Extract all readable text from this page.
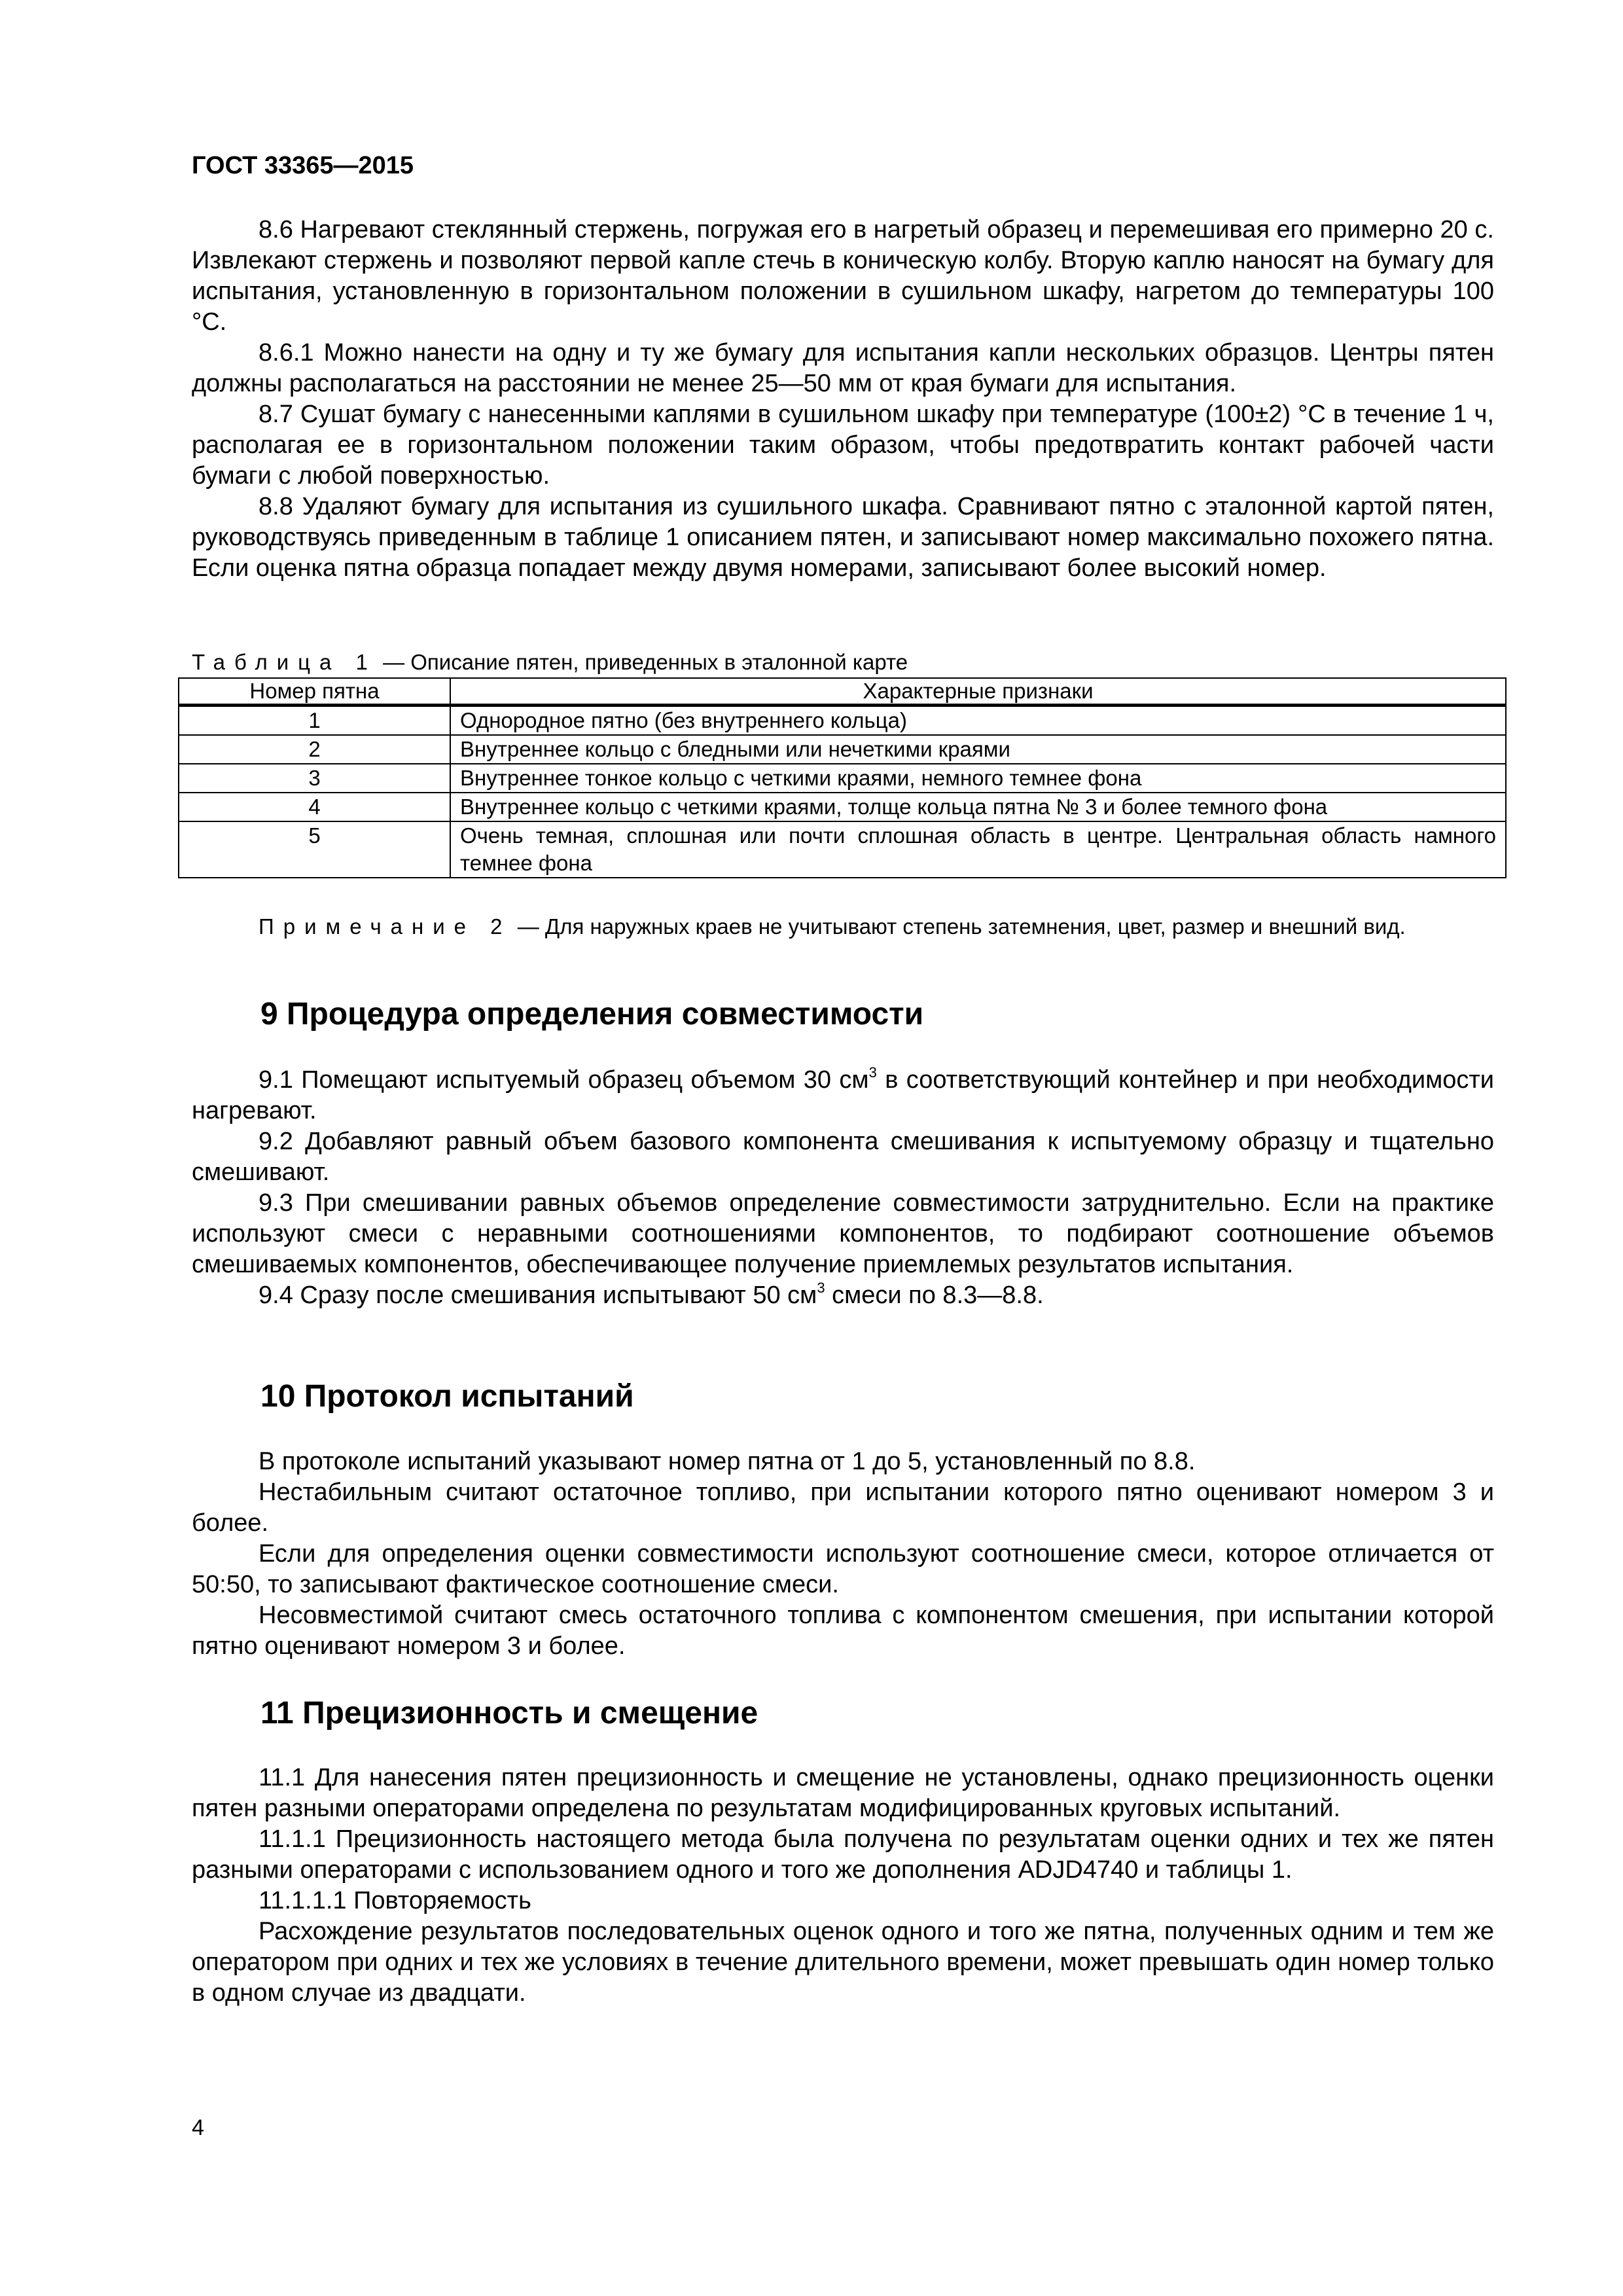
ГОСТ 33365—2015

8.6 Нагревают стеклянный стержень, погружая его в нагретый образец и перемешивая его примерно 20 с. Извлекают стержень и позволяют первой капле стечь в коническую колбу. Вторую каплю наносят на бумагу для испытания, установленную в горизонтальном положении в сушильном шкафу, нагретом до температуры 100 °С.

8.6.1 Можно нанести на одну и ту же бумагу для испытания капли нескольких образцов. Центры пятен должны располагаться на расстоянии не менее 25—50 мм от края бумаги для испытания.

8.7 Сушат бумагу с нанесенными каплями в сушильном шкафу при температуре (100±2) °С в течение 1 ч, располагая ее в горизонтальном положении таким образом, чтобы предотвратить контакт рабочей части бумаги с любой поверхностью.

8.8 Удаляют бумагу для испытания из сушильного шкафа. Сравнивают пятно с эталонной картой пятен, руководствуясь приведенным в таблице 1 описанием пятен, и записывают номер максимально похожего пятна. Если оценка пятна образца попадает между двумя номерами, записывают более высокий номер.

Таблица 1 — Описание пятен, приведенных в эталонной карте
Номер пятна	Характерные признаки
1	Однородное пятно (без внутреннего кольца)
2	Внутреннее кольцо с бледными или нечеткими краями
3	Внутреннее тонкое кольцо с четкими краями, немного темнее фона
4	Внутреннее кольцо с четкими краями, толще кольца пятна № 3 и более темного фона
5	Очень темная, сплошная или почти сплошная область в центре. Центральная область намного темнее фона
Примечание 2 — Для наружных краев не учитывают степень затемнения, цвет, размер и внешний вид.
9 Процедура определения совместимости

9.1 Помещают испытуемый образец объемом 30 $см^3$ в соответствующий контейнер и при необходимости нагревают.

9.2 Добавляют равный объем базового компонента смешивания к испытуемому образцу и тщательно смешивают.

9.3 При смешивании равных объемов определение совместимости затруднительно. Если на практике используют смеси с неравными соотношениями компонентов, то подбирают соотношение объемов смешиваемых компонентов, обеспечивающее получение приемлемых результатов испытания.

9.4 Сразу после смешивания испытывают 50 $см^3$ смеси по 8.3—8.8.

10 Протокол испытаний

В протоколе испытаний указывают номер пятна от 1 до 5, установленный по 8.8.

Нестабильным считают остаточное топливо, при испытании которого пятно оценивают номером 3 и более.

Если для определения оценки совместимости используют соотношение смеси, которое отличается от 50:50, то записывают фактическое соотношение смеси.

Несовместимой считают смесь остаточного топлива с компонентом смешения, при испытании которой пятно оценивают номером 3 и более.

11 Прецизионность и смещение

11.1 Для нанесения пятен прецизионность и смещение не установлены, однако прецизионность оценки пятен разными операторами определена по результатам модифицированных круговых испытаний.

11.1.1 Прецизионность настоящего метода была получена по результатам оценки одних и тех же пятен разными операторами с использованием одного и того же дополнения ADJD4740 и таблицы 1.

11.1.1.1 Повторяемость

Расхождение результатов последовательных оценок одного и того же пятна, полученных одним и тем же оператором при одних и тех же условиях в течение длительного времени, может превышать один номер только в одном случае из двадцати.

4
